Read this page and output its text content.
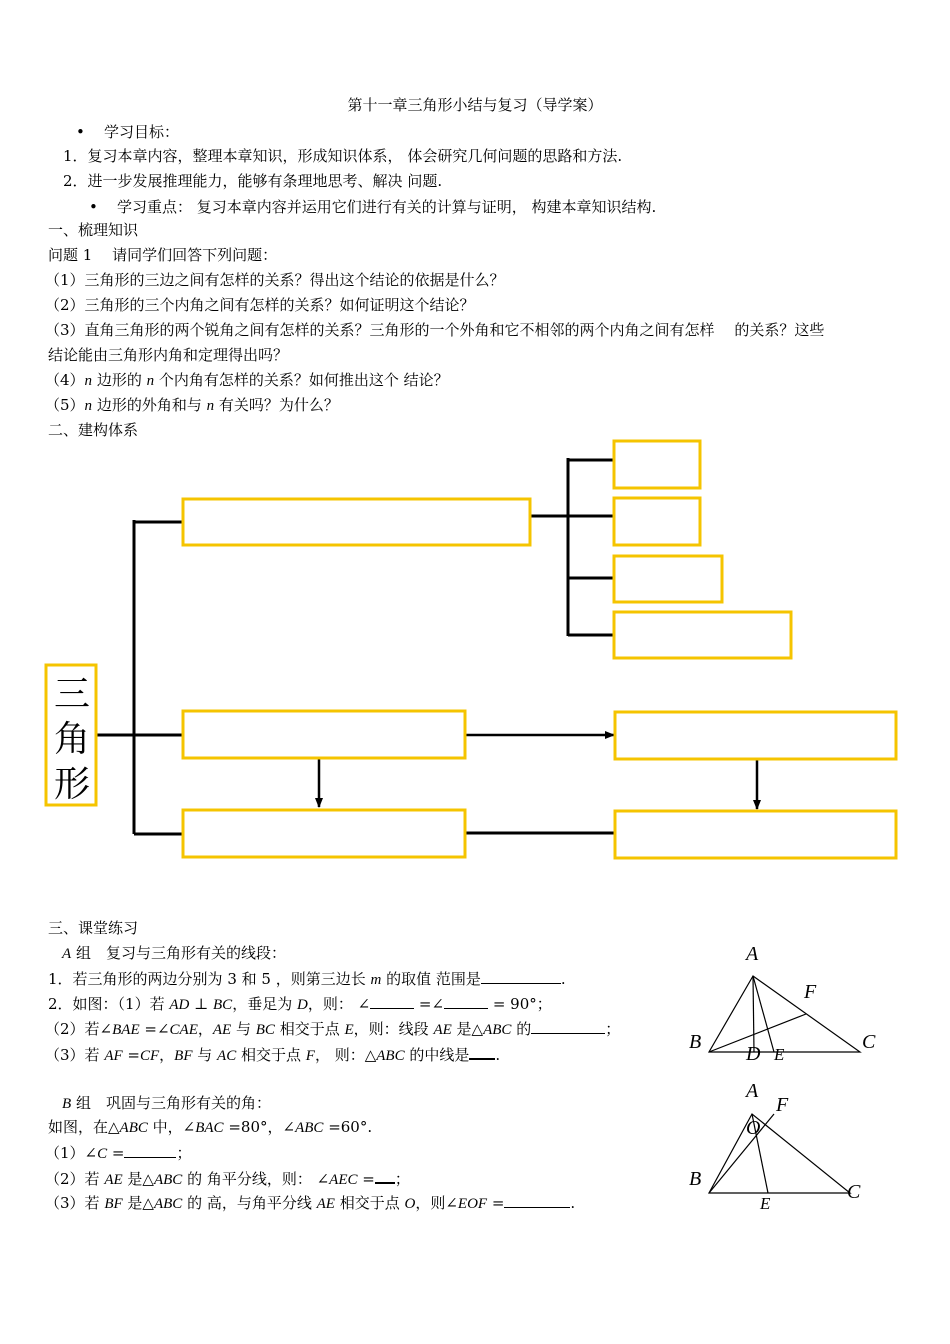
第十一章三角形小结与复习（导学案）
• 学习目标：
1．复习本章内容，整理本章知识，形成知识体系， 体会研究几何问题的思路和方法.
2．进一步发展推理能力，能够有条理地思考、解决 问题.
• 学习重点： 复习本章内容并运用它们进行有关的计算与证明， 构建本章知识结构.
一、梳理知识
问题 1　 请同学们回答下列问题：
（1）三角形的三边之间有怎样的关系？得出这个结论的依据是什么？
（2）三角形的三个内角之间有怎样的关系？如何证明这个结论？
（3）直角三角形的两个锐角之间有怎样的关系？三角形的一个外角和它不相邻的两个内角之间有怎样　 的关系？这些
结论能由三角形内角和定理得出吗？
（4）n 边形的 n 个内角有怎样的关系？如何推出这个 结论？
（5）n 边形的外角和与 n 有关吗？为什么？
二、建构体系
三
角
形
三、课堂练习
A 组　复习与三角形有关的线段：
1．若三角形的两边分别为 3 和 5 ，则第三边长 m 的取值 范围是	.
2．如图：（1）若 AD ⊥ BC，垂足为 D，则： ∠	=∠	= 90°；
（2）若∠BAE =∠CAE，AE 与 BC 相交于点 E，则：线段 AE 是△ABC 的	；
（3）若 AF =CF，BF 与 AC 相交于点 F， 则：△ABC 的中线是 .
B 组　巩固与三角形有关的角：
如图，在△ABC 中，∠BAC =80°，∠ABC =60°.
（1）∠C =	；
（2）若 AE 是△ABC 的 角平分线，则： ∠AEC = ；
（3）若 BF 是△ABC 的 高，与角平分线 AE 相交于点 O，则∠EOF =	.
A
F
B	C
D E
A
F
O
B
C
E
